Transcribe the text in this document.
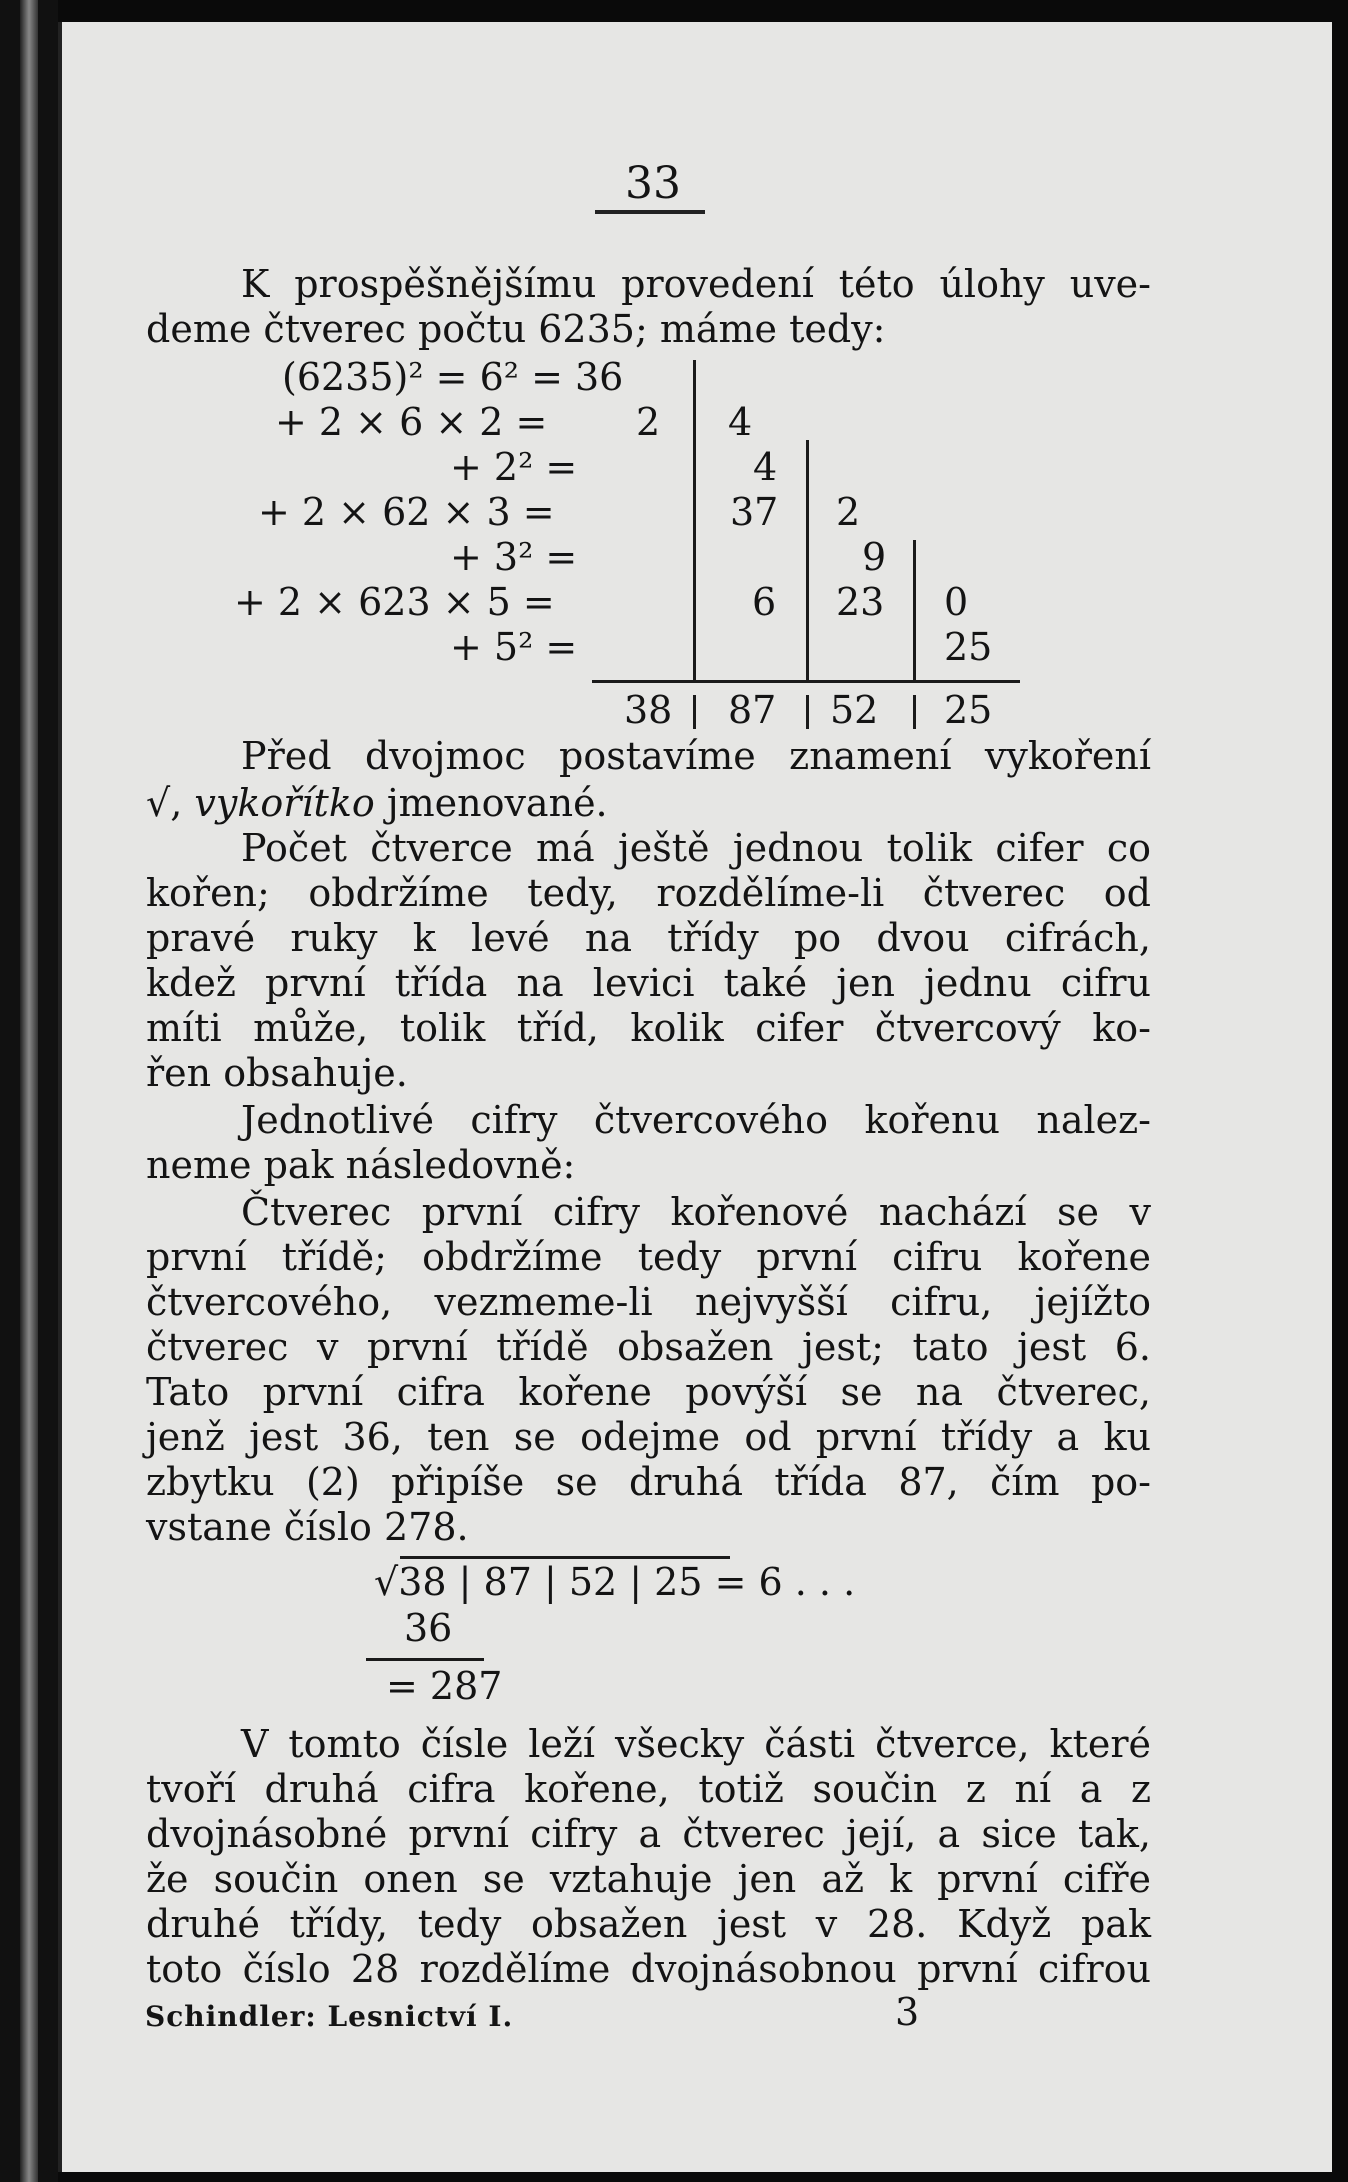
33

K prospěšnějšímu provedení této úlohy uve-

deme čtverec počtu 6235; máme tedy:

(6235)² = 6² = 36
+ 2 × 6 × 2 = 2
+ 2² =
+ 2 × 62 × 3 =
+ 3² =
+ 2 × 623 × 5 =
+ 5² =
4
4
37
6
2
9
23 0
25
38 87 52 25

Před dvojmoc postavíme znamení vykoření

√, vykořítko jmenované.

Počet čtverce má ještě jednou tolik cifer co

kořen; obdržíme tedy, rozdělíme-li čtverec od

pravé ruky k levé na třídy po dvou cifrách,

kdež první třída na levici také jen jednu cifru

míti může, tolik tříd, kolik cifer čtvercový ko-

řen obsahuje.

Jednotlivé cifry čtvercového kořenu nalez-

neme pak následovně:

Čtverec první cifry kořenové nachází se v

první třídě; obdržíme tedy první cifru kořene

čtvercového, vezmeme-li nejvyšší cifru, jejížto

čtverec v první třídě obsažen jest; tato jest 6.

Tato první cifra kořene povýší se na čtverec,

jenž jest 36, ten se odejme od první třídy a ku

zbytku (2) připíše se druhá třída 87, čím po-

vstane číslo 278.

√38 | 87 | 52 | 25 = 6 . . .
36
= 287

V tomto čísle leží všecky části čtverce, které

tvoří druhá cifra kořene, totiž součin z ní a z

dvojnásobné první cifry a čtverec její, a sice tak,

že součin onen se vztahuje jen až k první cifře

druhé třídy, tedy obsažen jest v 28. Když pak

toto číslo 28 rozdělíme dvojnásobnou první cifrou

Schindler: Lesnictví I.	3
